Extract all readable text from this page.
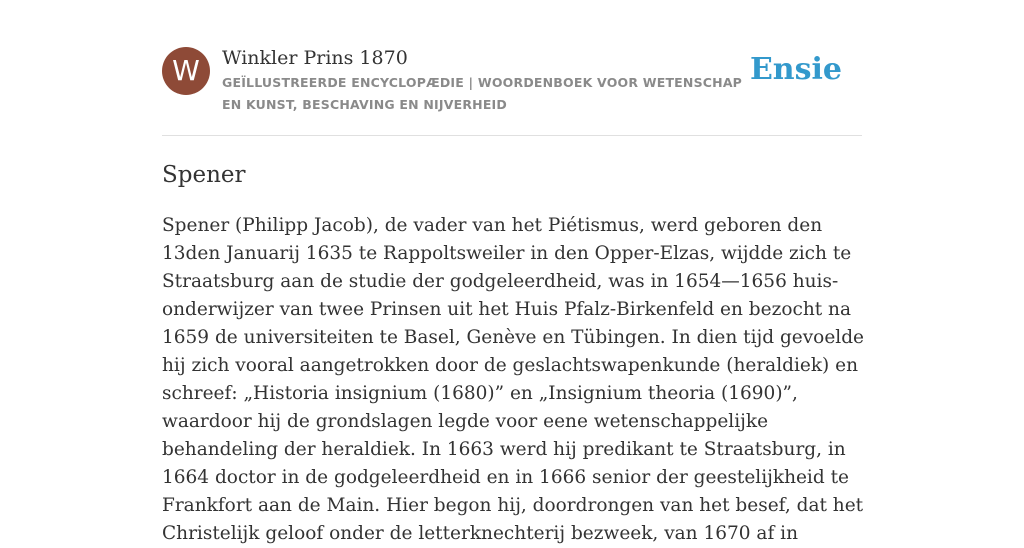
W	Winkler Prins 1870
GEÏLLUSTREERDE ENCYCLOPÆDIE | WOORDENBOEK VOOR WETENSCHAP EN KUNST, BESCHAVING EN NIJVERHEID
Ensie
Spener

Spener (Philipp Jacob), de vader van het Piétismus, werd geboren den 13den Januarij 1635 te Rappoltsweiler in den Opper-Elzas, wijdde zich te Straatsburg aan de studie der godgeleerdheid, was in 1654—1656 huis-onderwijzer van twee Prinsen uit het Huis Pfalz-Birkenfeld en bezocht na 1659 de universiteiten te Basel, Genève en Tübingen. In dien tijd gevoelde hij zich vooral aangetrokken door de geslachtswapenkunde (heraldiek) en schreef: „Historia insignium (1680)” en „Insignium theoria (1690)”, waardoor hij de grondslagen legde voor eene wetenschappelijke behandeling der heraldiek. In 1663 werd hij predikant te Straatsburg, in 1664 doctor in de godgeleerdheid en in 1666 senior der geestelijkheid te Frankfort aan de Main. Hier begon hij, doordrongen van het besef, dat het Christelijk geloof onder de letterknechterij bezweek, van 1670 af in
